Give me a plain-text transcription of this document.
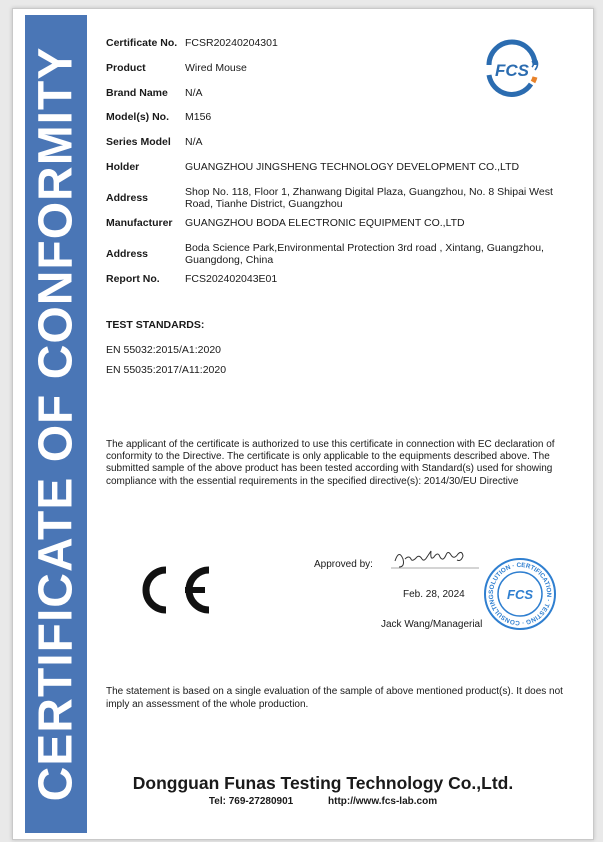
CERTIFICATE OF CONFORMITY
Certificate No. FCSR20240204301
Product	Wired Mouse
Brand Name	N/A
Model(s) No.	M156
Series Model	N/A
Holder	GUANGZHOU JINGSHENG TECHNOLOGY DEVELOPMENT CO.,LTD
Address	Shop No. 118, Floor 1, Zhanwang Digital Plaza, Guangzhou, No. 8 Shipai West Road, Tianhe District, Guangzhou
Manufacturer	GUANGZHOU BODA ELECTRONIC EQUIPMENT CO.,LTD
Address	Boda Science Park,Environmental Protection 3rd road , Xintang, Guangzhou, Guangdong, China
Report No.	FCS202402043E01
FCS
TEST STANDARDS:
EN 55032:2015/A1:2020
EN 55035:2017/A11:2020
The applicant of the certificate is authorized to use this certificate in connection with EC declaration of conformity to the Directive. The certificate is only applicable to the equipments described above. The submitted sample of the above product has been tested according with Standard(s) used for showing compliance with the essential requirements in the specified directive(s): 2014/30/EU Directive
CE
Approved by:
Jack Wang
Feb. 28, 2024
Jack Wang/Managerial
SOLUTION · CERTIFICATION · TESTING · CONSULTING FCS
The statement is based on a single evaluation of the sample of above mentioned product(s). It does not imply an assessment of the whole production.
Dongguan Funas Testing Technology Co.,Ltd.
Tel: 769-27280901	http://www.fcs-lab.com
